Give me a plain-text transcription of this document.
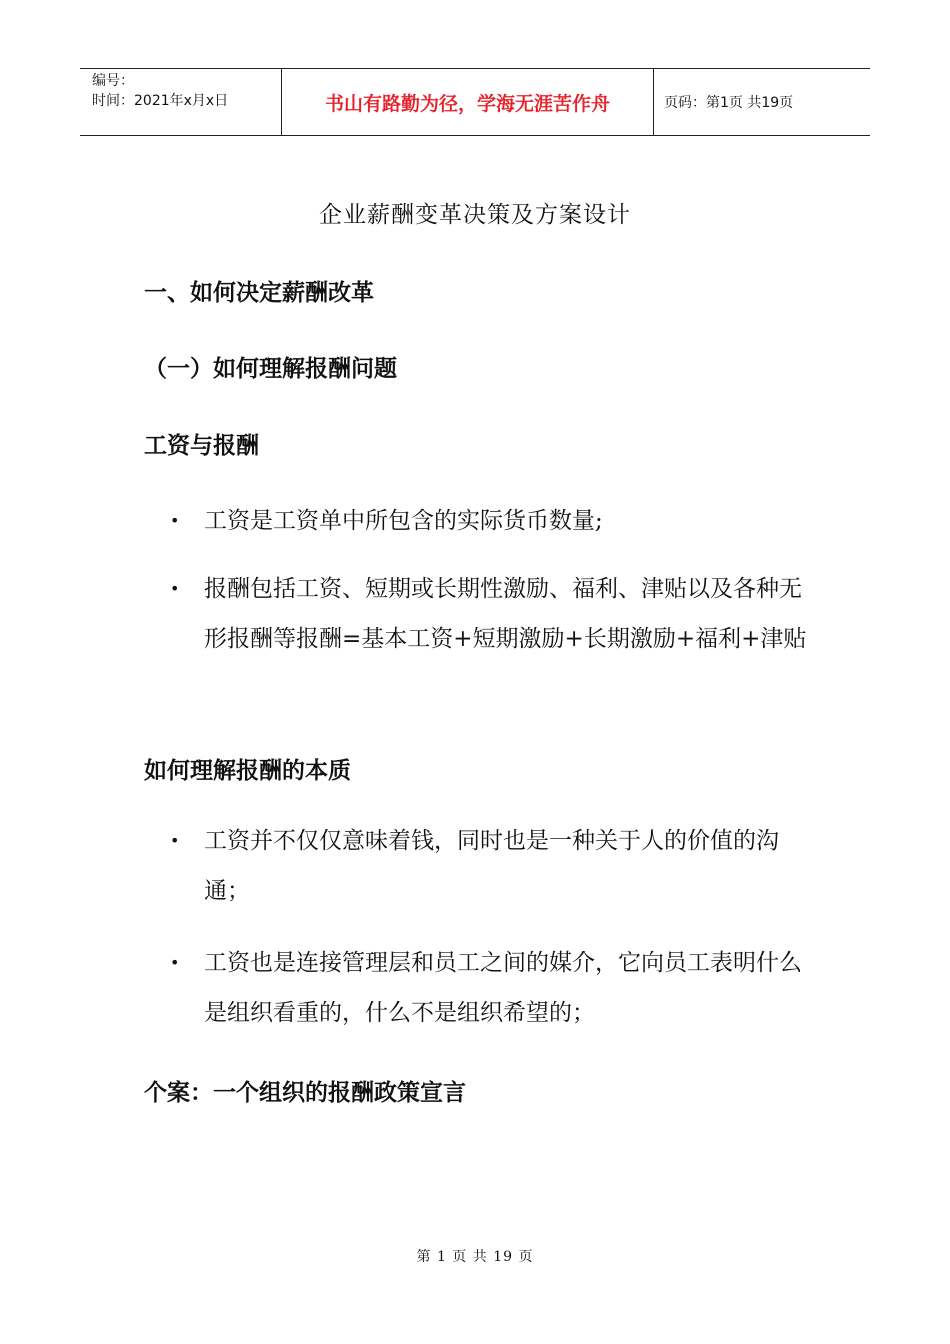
编号：
时间：2021年x月x日	书山有路勤为径，学海无涯苦作舟	页码：第1页 共19页
企业薪酬变革决策及方案设计
一、如何决定薪酬改革
（一）如何理解报酬问题
工资与报酬
•	工资是工资单中所包含的实际货币数量;
•	报酬包括工资、短期或长期性激励、福利、津贴以及各种无形报酬等报酬=基本工资+短期激励+长期激励+福利+津贴
如何理解报酬的本质
•	工资并不仅仅意味着钱，同时也是一种关于人的价值的沟通；
•	工资也是连接管理层和员工之间的媒介，它向员工表明什么是组织看重的，什么不是组织希望的；
个案：一个组织的报酬政策宣言
第 1 页 共 19 页
